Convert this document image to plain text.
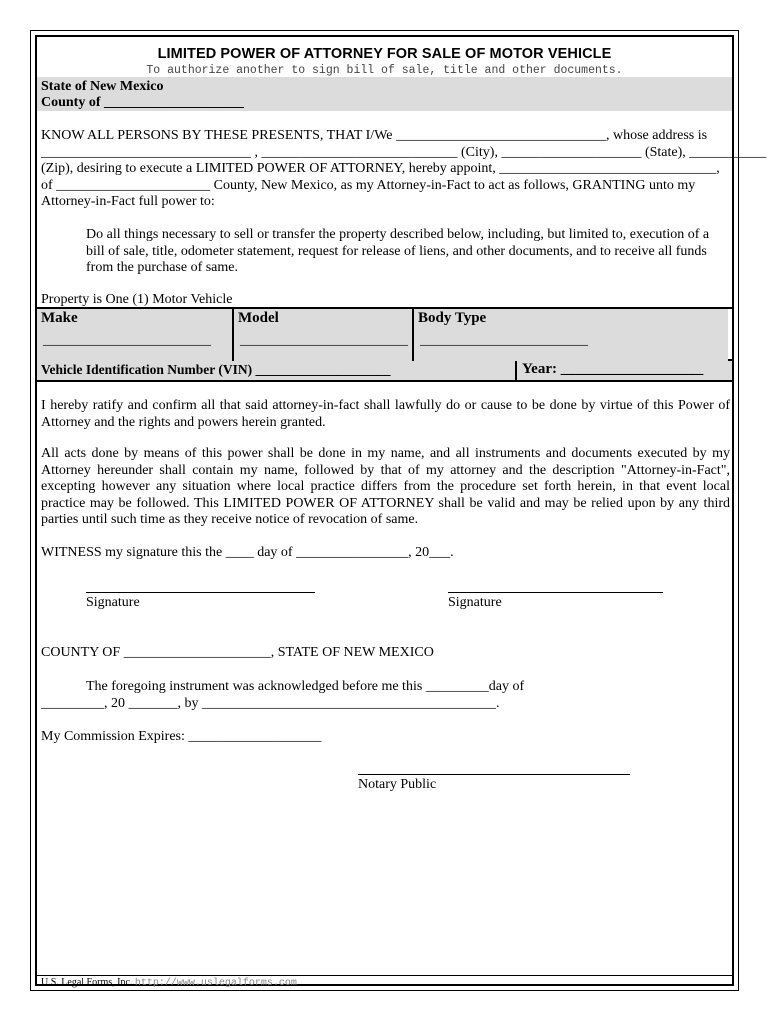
LIMITED POWER OF ATTORNEY FOR SALE OF MOTOR VEHICLE
To authorize another to sign bill of sale, title and other documents.
State of New Mexico
County of ____________________
KNOW ALL PERSONS BY THESE PRESENTS, THAT I/We ______________________________, whose address is
______________________________ , ____________________________ (City), ____________________ (State), ___________
(Zip), desiring to execute a LIMITED POWER OF ATTORNEY, hereby appoint, _______________________________,
of ______________________ County, New Mexico, as my Attorney-in-Fact to act as follows, GRANTING unto my
Attorney-in-Fact full power to:
Do all things necessary to sell or transfer the property described below, including, but limited to, execution of a bill of sale, title, odometer statement, request for release of liens, and other documents, and to receive all funds from the purchase of same.
Property is One (1) Motor Vehicle
Make
________________________
Model
________________________
Body Type
________________________
Vehicle Identification Number (VIN) ____________________	Year: ___________________
I hereby ratify and confirm all that said attorney-in-fact shall lawfully do or cause to be done by virtue of this Power of Attorney and the rights and powers herein granted.
All acts done by means of this power shall be done in my name, and all instruments and documents executed by my Attorney hereunder shall contain my name, followed by that of my attorney and the description "Attorney-in-Fact", excepting however any situation where local practice differs from the procedure set forth herein, in that event local practice may be followed. This LIMITED POWER OF ATTORNEY shall be valid and may be relied upon by any third parties until such time as they receive notice of revocation of same.
WITNESS my signature this the ____ day of ________________, 20___.
Signature	Signature
COUNTY OF _____________________, STATE OF NEW MEXICO
The foregoing instrument was acknowledged before me this _________day of
_________, 20 _______, by __________________________________________.
My Commission Expires: ___________________
Notary Public
U.S. Legal Forms, Inc. http://www.uslegalforms.com
